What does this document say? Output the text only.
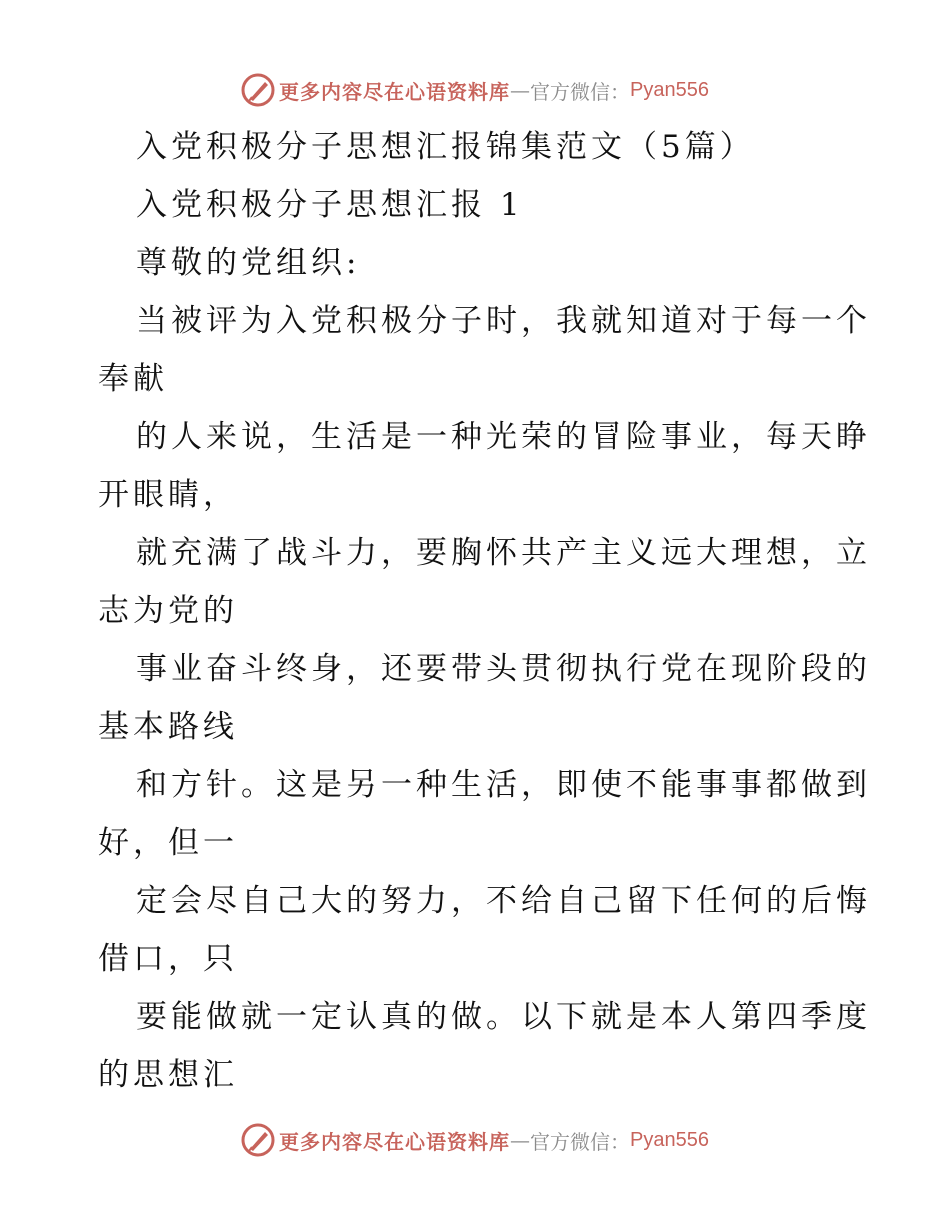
更多内容尽在心语资料库 — 官方微信： Pyan556
入党积极分子思想汇报锦集范文（5篇）
入党积极分子思想汇报 1
尊敬的党组织:
当被评为入党积极分子时，我就知道对于每一个
奉献
的人来说，生活是一种光荣的冒险事业，每天睁
开眼睛，
就充满了战斗力，要胸怀共产主义远大理想，立
志为党的
事业奋斗终身，还要带头贯彻执行党在现阶段的
基本路线
和方针。这是另一种生活，即使不能事事都做到
好，但一
定会尽自己大的努力，不给自己留下任何的后悔
借口，只
要能做就一定认真的做。以下就是本人第四季度
的思想汇
更多内容尽在心语资料库 — 官方微信： Pyan556
